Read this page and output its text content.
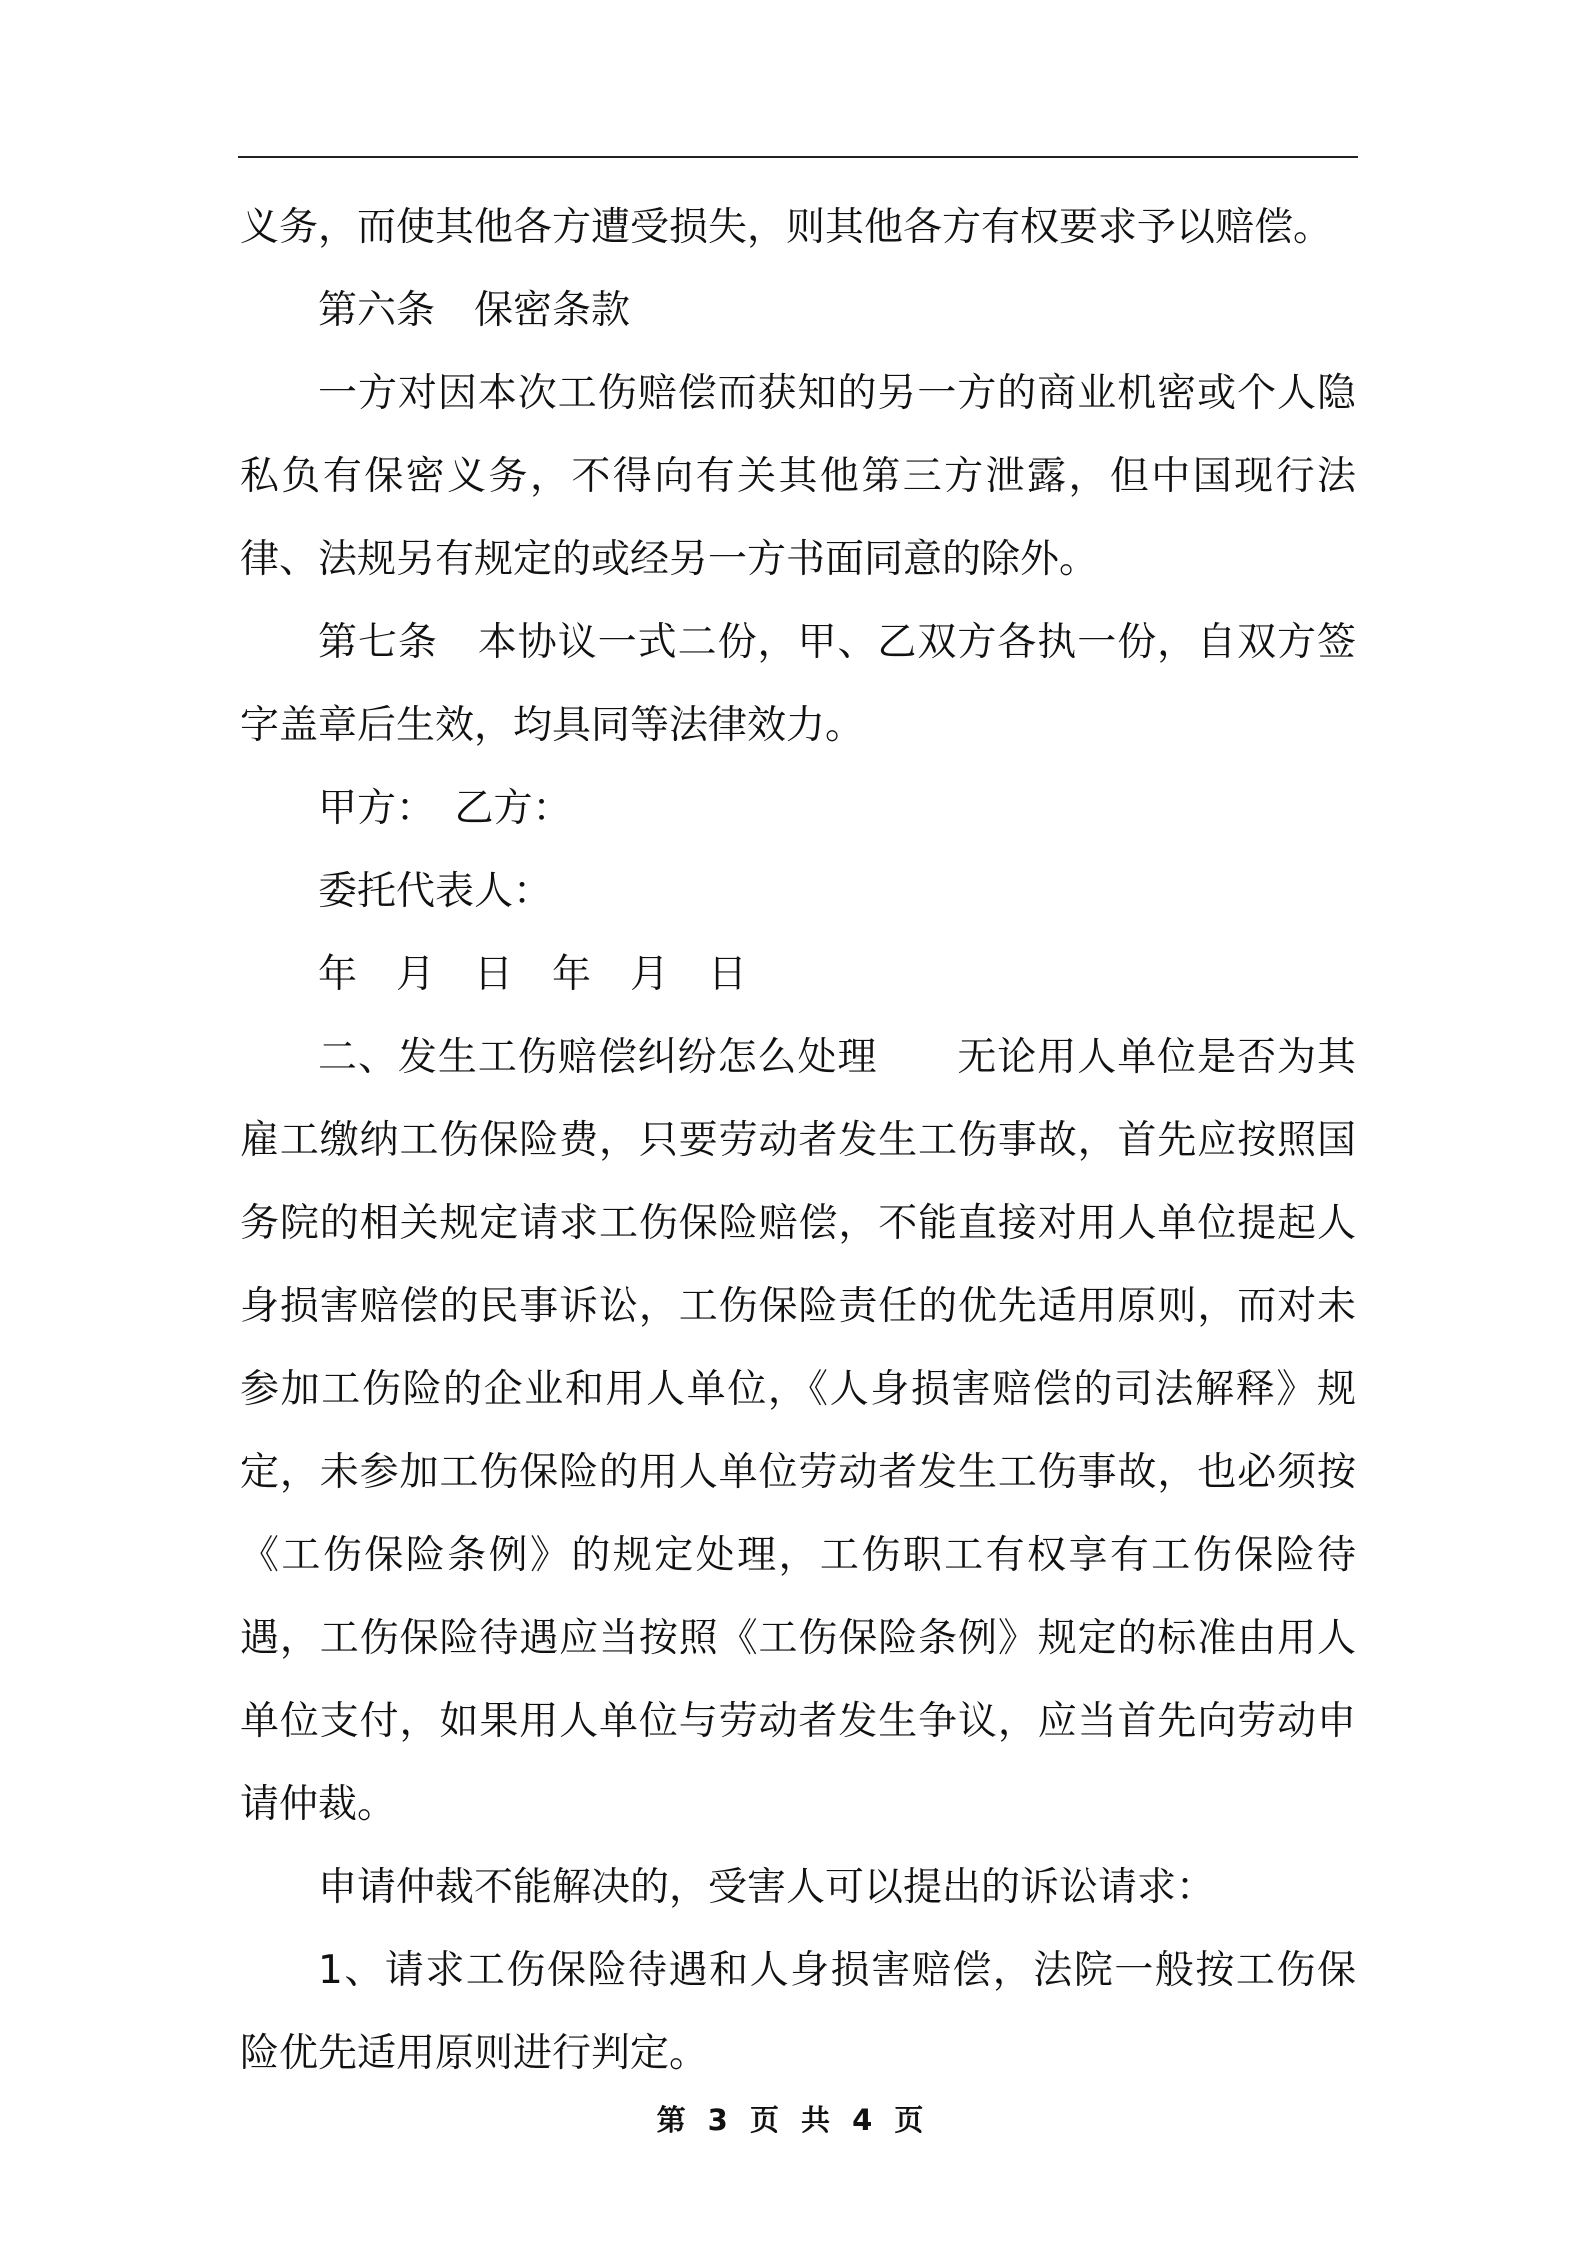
义务，而使其他各方遭受损失，则其他各方有权要求予以赔偿。

第六条　保密条款

一方对因本次工伤赔偿而获知的另一方的商业机密或个人隐私负有保密义务，不得向有关其他第三方泄露，但中国现行法律、法规另有规定的或经另一方书面同意的除外。

第七条　本协议一式二份，甲、乙双方各执一份，自双方签字盖章后生效，均具同等法律效力。

甲方：　乙方：

委托代表人：

年　月　日　年　月　日

二、发生工伤赔偿纠纷怎么处理　　无论用人单位是否为其雇工缴纳工伤保险费，只要劳动者发生工伤事故，首先应按照国务院的相关规定请求工伤保险赔偿，不能直接对用人单位提起人身损害赔偿的民事诉讼，工伤保险责任的优先适用原则，而对未参加工伤险的企业和用人单位，《人身损害赔偿的司法解释》规定，未参加工伤保险的用人单位劳动者发生工伤事故，也必须按《工伤保险条例》的规定处理，工伤职工有权享有工伤保险待遇，工伤保险待遇应当按照《工伤保险条例》规定的标准由用人单位支付，如果用人单位与劳动者发生争议，应当首先向劳动申请仲裁。

申请仲裁不能解决的，受害人可以提出的诉讼请求：

1、请求工伤保险待遇和人身损害赔偿，法院一般按工伤保险优先适用原则进行判定。

第 3 页 共 4 页
